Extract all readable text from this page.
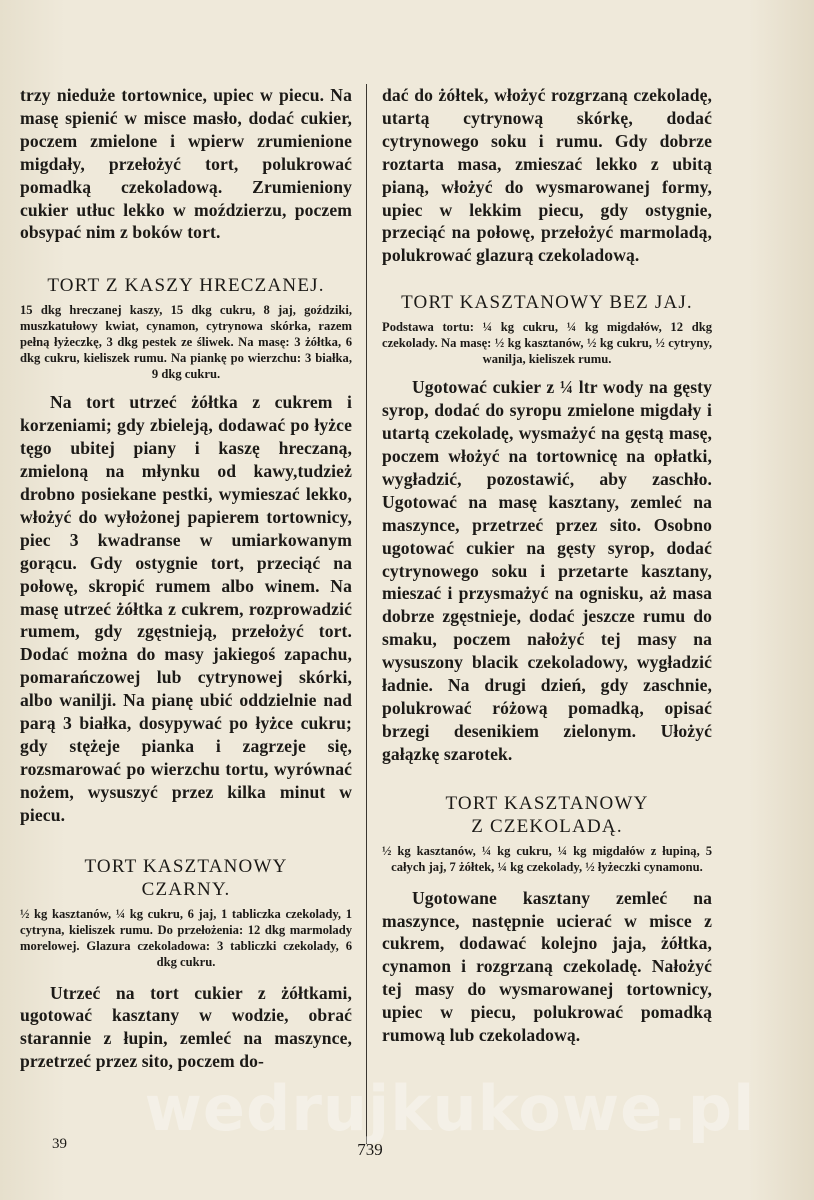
trzy nieduże tortownice, upiec w piecu. Na masę spienić w misce masło, dodać cukier, poczem zmielone i wpierw zrumienione migdały, przełożyć tort, polukrować pomadką czekoladową. Zrumieniony cukier utłuc lekko w moździerzu, poczem obsypać nim z boków tort.

TORT Z KASZY HRECZANEJ.

15 dkg hreczanej kaszy, 15 dkg cukru, 8 jaj, goździki, muszkatułowy kwiat, cynamon, cytrynowa skórka, razem pełną łyżeczkę, 3 dkg pestek ze śliwek. Na masę: 3 żółtka, 6 dkg cukru, kieliszek rumu. Na piankę po wierzchu: 3 białka, 9 dkg cukru.

Na tort utrzeć żółtka z cukrem i korzeniami; gdy zbieleją, dodawać po łyżce tęgo ubitej piany i kaszę hreczaną, zmieloną na młynku od kawy,tudzież drobno posiekane pestki, wymieszać lekko, włożyć do wyłożonej papierem tortownicy, piec 3 kwadranse w umiarkowanym gorącu. Gdy ostygnie tort, przeciąć na połowę, skropić rumem albo winem. Na masę utrzeć żółtka z cukrem, rozprowadzić rumem, gdy zgęstnieją, przełożyć tort. Dodać można do masy jakiegoś zapachu, pomarańczowej lub cytrynowej skórki, albo wanilji. Na pianę ubić oddzielnie nad parą 3 białka, dosypywać po łyżce cukru; gdy stężeje pianka i zagrzeje się, rozsmarować po wierzchu tortu, wyrównać nożem, wysuszyć przez kilka minut w piecu.

TORT KASZTANOWY
CZARNY.

½ kg kasztanów, ¼ kg cukru, 6 jaj, 1 tabliczka czekolady, 1 cytryna, kieliszek rumu. Do przełożenia: 12 dkg marmolady morelowej. Glazura czekoladowa: 3 tabliczki czekolady, 6 dkg cukru.

Utrzeć na tort cukier z żółtkami, ugotować kasztany w wodzie, obrać starannie z łupin, zemleć na maszynce, przetrzeć przez sito, poczem do-

dać do żółtek, włożyć rozgrzaną czekoladę, utartą cytrynową skórkę, dodać cytrynowego soku i rumu. Gdy dobrze roztarta masa, zmieszać lekko z ubitą pianą, włożyć do wysmarowanej formy, upiec w lekkim piecu, gdy ostygnie, przeciąć na połowę, przełożyć marmoladą, polukrować glazurą czekoladową.

TORT KASZTANOWY BEZ JAJ.

Podstawa tortu: ¼ kg cukru, ¼ kg migdałów, 12 dkg czekolady. Na masę: ½ kg kasztanów, ½ kg cukru, ½ cytryny, wanilja, kieliszek rumu.

Ugotować cukier z ¼ ltr wody na gęsty syrop, dodać do syropu zmielone migdały i utartą czekoladę, wysmażyć na gęstą masę, poczem włożyć na tortownicę na opłatki, wygładzić, pozostawić, aby zaschło. Ugotować na masę kasztany, zemleć na maszynce, przetrzeć przez sito. Osobno ugotować cukier na gęsty syrop, dodać cytrynowego soku i przetarte kasztany, mieszać i przysmażyć na ognisku, aż masa dobrze zgęstnieje, dodać jeszcze rumu do smaku, poczem nałożyć tej masy na wysuszony blacik czekoladowy, wygładzić ładnie. Na drugi dzień, gdy zaschnie, polukrować różową pomadką, opisać brzegi desenikiem zielonym. Ułożyć gałązkę szarotek.

TORT KASZTANOWY
Z CZEKOLADĄ.

½ kg kasztanów, ¼ kg cukru, ¼ kg migdałów z łupiną, 5 całych jaj, 7 żółtek, ¼ kg czekolady, ½ łyżeczki cynamonu.

Ugotowane kasztany zemleć na maszynce, następnie ucierać w misce z cukrem, dodawać kolejno jaja, żółtka, cynamon i rozgrzaną czekoladę. Nałożyć tej masy do wysmarowanej tortownicy, upiec w piecu, polukrować pomadką rumową lub czekoladową.

wedrujkukowe.pl
39	739
